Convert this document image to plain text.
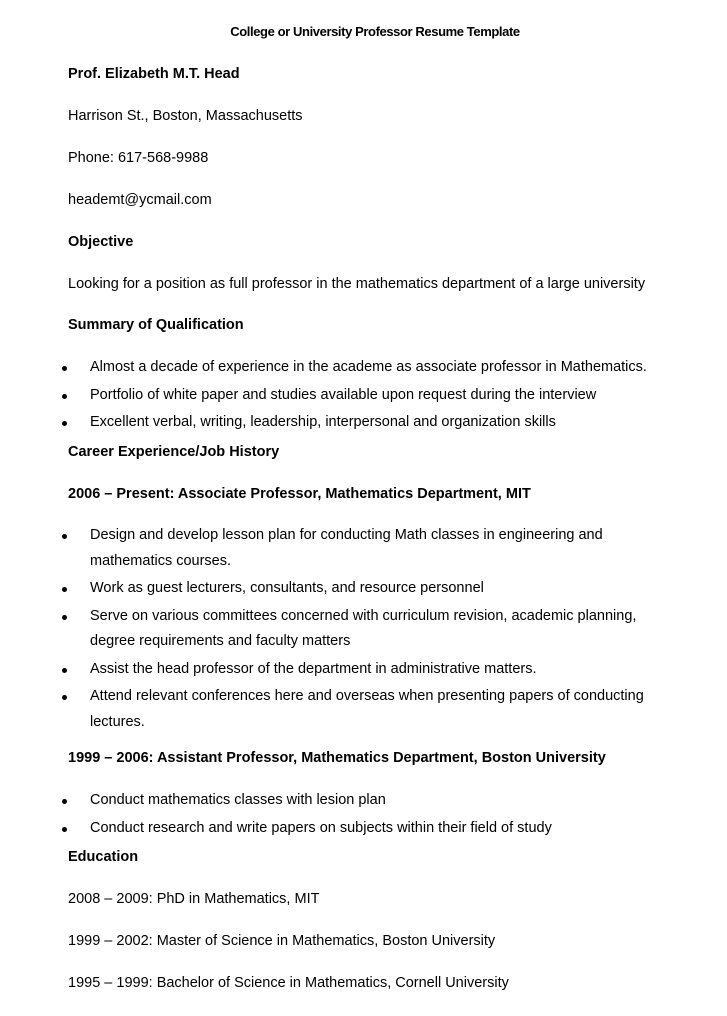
College or University Professor Resume Template
Prof. Elizabeth M.T. Head
Harrison St., Boston, Massachusetts
Phone: 617-568-9988
heademt@ycmail.com
Objective
Looking for a position as full professor in the mathematics department of a large university
Summary of Qualification
Almost a decade of experience in the academe as associate professor in Mathematics.
Portfolio of white paper and studies available upon request during the interview
Excellent verbal, writing, leadership, interpersonal and organization skills
Career Experience/Job History
2006 – Present: Associate Professor, Mathematics Department, MIT
Design and develop lesson plan for conducting Math classes in engineering and mathematics courses.
Work as guest lecturers, consultants, and resource personnel
Serve on various committees concerned with curriculum revision, academic planning, degree requirements and faculty matters
Assist the head professor of the department in administrative matters.
Attend relevant conferences here and overseas when presenting papers of conducting lectures.
1999 – 2006: Assistant Professor, Mathematics Department, Boston University
Conduct mathematics classes with lesion plan
Conduct research and write papers on subjects within their field of study
Education
2008 – 2009: PhD in Mathematics, MIT
1999 – 2002: Master of Science in Mathematics, Boston University
1995 – 1999: Bachelor of Science in Mathematics, Cornell University
